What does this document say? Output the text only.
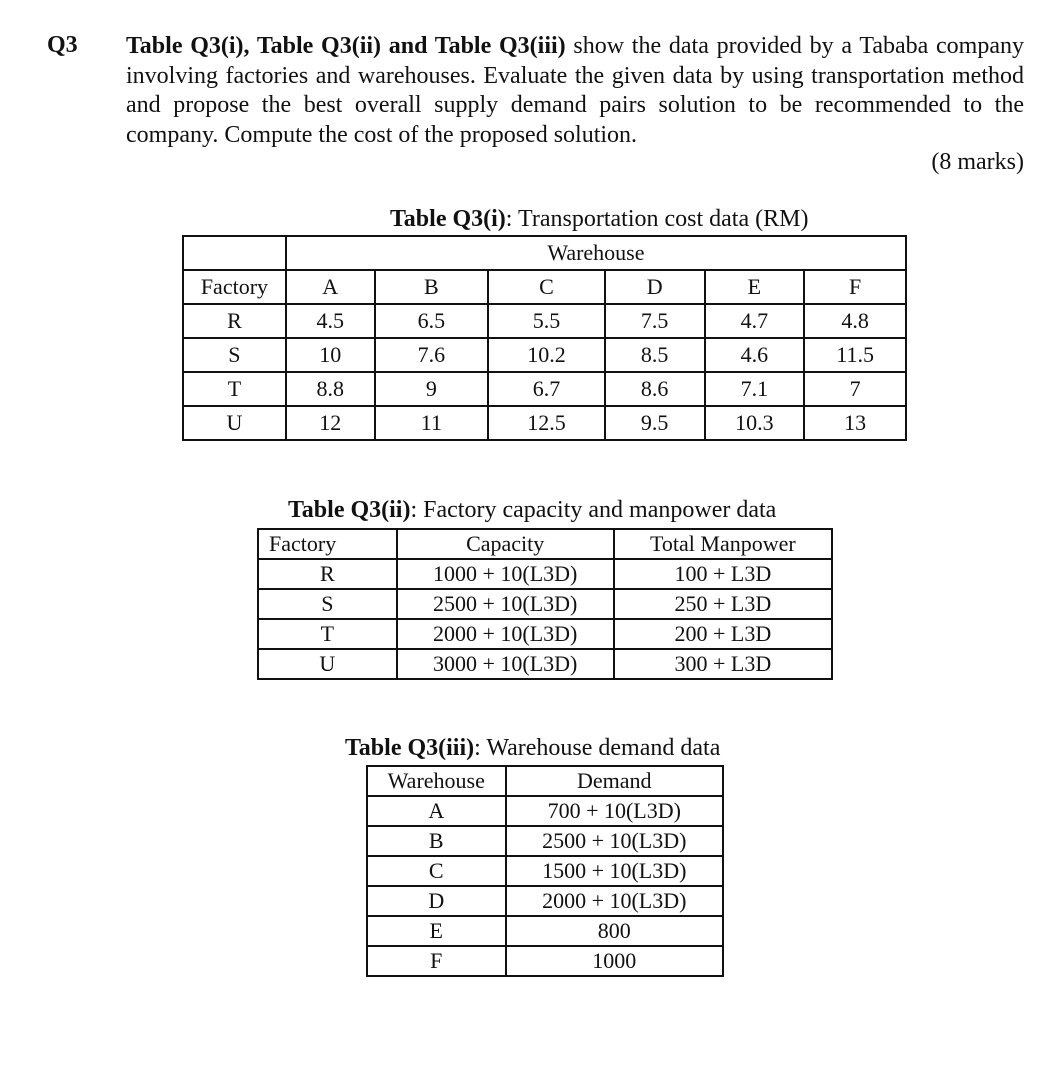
Q3 Table Q3(i), Table Q3(ii) and Table Q3(iii) show the data provided by a Tababa company involving factories and warehouses. Evaluate the given data by using transportation method and propose the best overall supply demand pairs solution to be recommended to the company. Compute the cost of the proposed solution.
(8 marks)
Table Q3(i): Transportation cost data (RM)
	Warehouse					
Factory	A	B	C	D	E	F
R	4.5	6.5	5.5	7.5	4.7	4.8
S	10	7.6	10.2	8.5	4.6	11.5
T	8.8	9	6.7	8.6	7.1	7
U	12	11	12.5	9.5	10.3	13
Table Q3(ii): Factory capacity and manpower data
Factory	Capacity	Total Manpower
R	1000 + 10(L3D)	100 + L3D
S	2500 + 10(L3D)	250 + L3D
T	2000 + 10(L3D)	200 + L3D
U	3000 + 10(L3D)	300 + L3D
Table Q3(iii): Warehouse demand data
Warehouse	Demand
A	700 + 10(L3D)
B	2500 + 10(L3D)
C	1500 + 10(L3D)
D	2000 + 10(L3D)
E	800
F	1000
